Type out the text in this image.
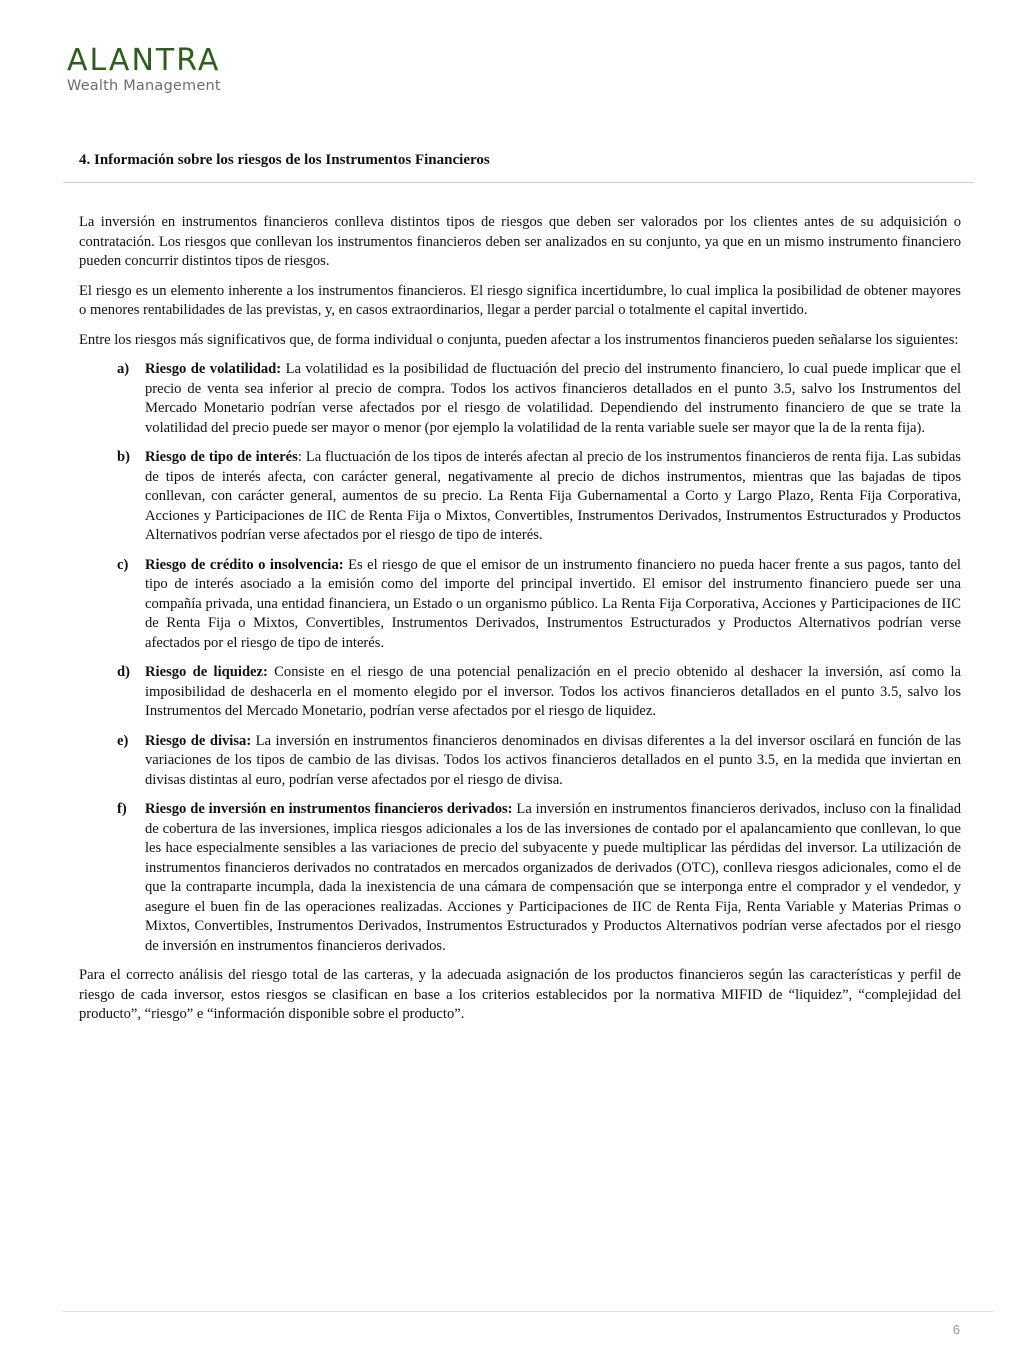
ALANTRA
Wealth Management
4. Información sobre los riesgos de los Instrumentos Financieros

La inversión en instrumentos financieros conlleva distintos tipos de riesgos que deben ser valorados por los clientes antes de su adquisición o contratación. Los riesgos que conllevan los instrumentos financieros deben ser analizados en su conjunto, ya que en un mismo instrumento financiero pueden concurrir distintos tipos de riesgos.

El riesgo es un elemento inherente a los instrumentos financieros. El riesgo significa incertidumbre, lo cual implica la posibilidad de obtener mayores o menores rentabilidades de las previstas, y, en casos extraordinarios, llegar a perder parcial o totalmente el capital invertido.

Entre los riesgos más significativos que, de forma individual o conjunta, pueden afectar a los instrumentos financieros pueden señalarse los siguientes:

a) Riesgo de volatilidad: La volatilidad es la posibilidad de fluctuación del precio del instrumento financiero, lo cual puede implicar que el precio de venta sea inferior al precio de compra. Todos los activos financieros detallados en el punto 3.5, salvo los Instrumentos del Mercado Monetario podrían verse afectados por el riesgo de volatilidad. Dependiendo del instrumento financiero de que se trate la volatilidad del precio puede ser mayor o menor (por ejemplo la volatilidad de la renta variable suele ser mayor que la de la renta fija).
b) Riesgo de tipo de interés: La fluctuación de los tipos de interés afectan al precio de los instrumentos financieros de renta fija. Las subidas de tipos de interés afecta, con carácter general, negativamente al precio de dichos instrumentos, mientras que las bajadas de tipos conllevan, con carácter general, aumentos de su precio. La Renta Fija Gubernamental a Corto y Largo Plazo, Renta Fija Corporativa, Acciones y Participaciones de IIC de Renta Fija o Mixtos, Convertibles, Instrumentos Derivados, Instrumentos Estructurados y Productos Alternativos podrían verse afectados por el riesgo de tipo de interés.
c) Riesgo de crédito o insolvencia: Es el riesgo de que el emisor de un instrumento financiero no pueda hacer frente a sus pagos, tanto del tipo de interés asociado a la emisión como del importe del principal invertido. El emisor del instrumento financiero puede ser una compañía privada, una entidad financiera, un Estado o un organismo público. La Renta Fija Corporativa, Acciones y Participaciones de IIC de Renta Fija o Mixtos, Convertibles, Instrumentos Derivados, Instrumentos Estructurados y Productos Alternativos podrían verse afectados por el riesgo de tipo de interés.
d) Riesgo de liquidez: Consiste en el riesgo de una potencial penalización en el precio obtenido al deshacer la inversión, así como la imposibilidad de deshacerla en el momento elegido por el inversor. Todos los activos financieros detallados en el punto 3.5, salvo los Instrumentos del Mercado Monetario, podrían verse afectados por el riesgo de liquidez.
e) Riesgo de divisa: La inversión en instrumentos financieros denominados en divisas diferentes a la del inversor oscilará en función de las variaciones de los tipos de cambio de las divisas. Todos los activos financieros detallados en el punto 3.5, en la medida que inviertan en divisas distintas al euro, podrían verse afectados por el riesgo de divisa.
f) Riesgo de inversión en instrumentos financieros derivados: La inversión en instrumentos financieros derivados, incluso con la finalidad de cobertura de las inversiones, implica riesgos adicionales a los de las inversiones de contado por el apalancamiento que conllevan, lo que les hace especialmente sensibles a las variaciones de precio del subyacente y puede multiplicar las pérdidas del inversor. La utilización de instrumentos financieros derivados no contratados en mercados organizados de derivados (OTC), conlleva riesgos adicionales, como el de que la contraparte incumpla, dada la inexistencia de una cámara de compensación que se interponga entre el comprador y el vendedor, y asegure el buen fin de las operaciones realizadas. Acciones y Participaciones de IIC de Renta Fija, Renta Variable y Materias Primas o Mixtos, Convertibles, Instrumentos Derivados, Instrumentos Estructurados y Productos Alternativos podrían verse afectados por el riesgo de inversión en instrumentos financieros derivados.

Para el correcto análisis del riesgo total de las carteras, y la adecuada asignación de los productos financieros según las características y perfil de riesgo de cada inversor, estos riesgos se clasifican en base a los criterios establecidos por la normativa MIFID de “liquidez”, “complejidad del producto”, “riesgo” e “información disponible sobre el producto”.

6
